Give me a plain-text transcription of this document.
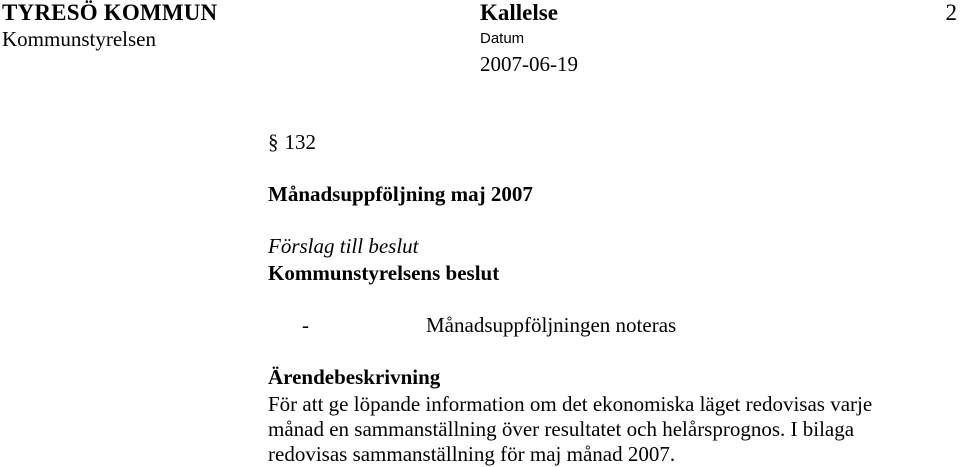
TYRESÖ KOMMUN
Kommunstyrelsen
Kallelse
Datum
2007-06-19
2
§ 132
Månadsuppföljning maj 2007
Förslag till beslut
Kommunstyrelsens beslut
-	Månadsuppföljningen noteras
Ärendebeskrivning
För att ge löpande information om det ekonomiska läget redovisas varje
månad en sammanställning över resultatet och helårsprognos. I bilaga
redovisas sammanställning för maj månad 2007.
